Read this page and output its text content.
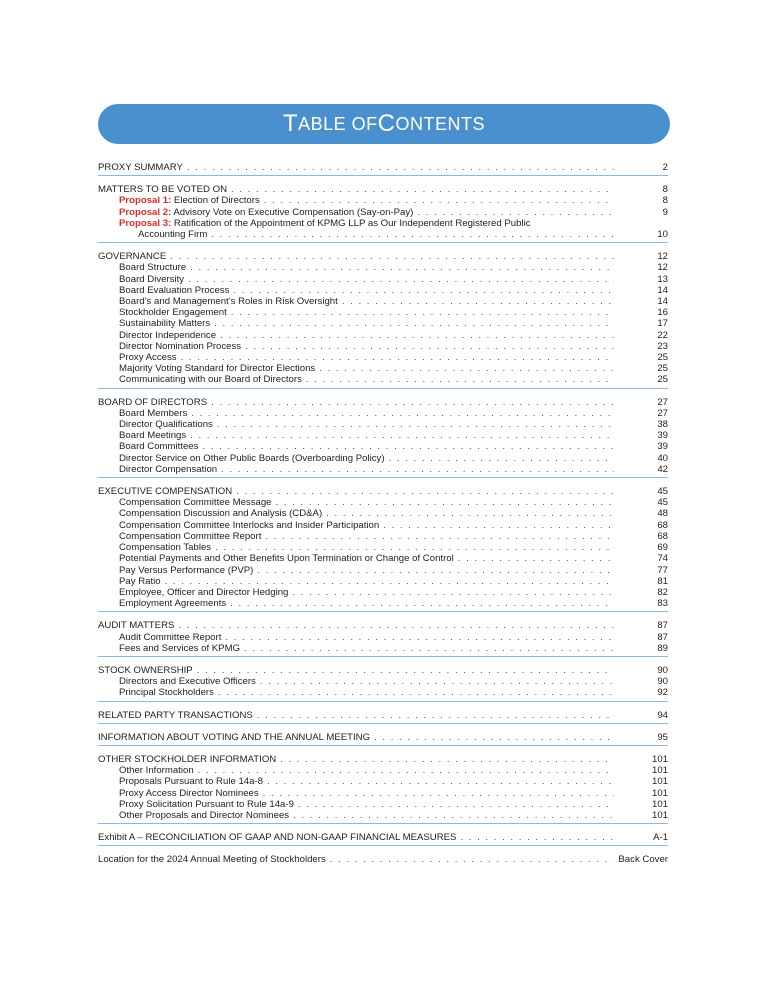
T ABLE OF C ONTENTS
PROXY SUMMARY . . .	2
MATTERS TO BE VOTED ON . . .	8
Proposal 1: Election of Directors . . .	8
Proposal 2: Advisory Vote on Executive Compensation (Say-on-Pay) . . .	9
Proposal 3: Ratification of the Appointment of KPMG LLP as Our Independent Registered Public
Accounting Firm . . .	10
GOVERNANCE . . .	12
Board Structure . . .	12
Board Diversity . . .	13
Board Evaluation Process . . .	14
Board’s and Management’s Roles in Risk Oversight . . .	14
Stockholder Engagement . . .	16
Sustainability Matters . . .	17
Director Independence . . .	22
Director Nomination Process . . .	23
Proxy Access . . .	25
Majority Voting Standard for Director Elections . . .	25
Communicating with our Board of Directors . . .	25
BOARD OF DIRECTORS . . .	27
Board Members . . .	27
Director Qualifications . . .	38
Board Meetings . . .	39
Board Committees . . .	39
Director Service on Other Public Boards (Overboarding Policy) . . .	40
Director Compensation . . .	42
EXECUTIVE COMPENSATION . . .	45
Compensation Committee Message . . .	45
Compensation Discussion and Analysis (CD&A) . . .	48
Compensation Committee Interlocks and Insider Participation . . .	68
Compensation Committee Report . . .	68
Compensation Tables . . .	69
Potential Payments and Other Benefits Upon Termination or Change of Control . . .	74
Pay Versus Performance (PVP) . . .	77
Pay Ratio . . .	81
Employee, Officer and Director Hedging . . .	82
Employment Agreements . . .	83
AUDIT MATTERS . . .	87
Audit Committee Report . . .	87
Fees and Services of KPMG . . .	89
STOCK OWNERSHIP . . .	90
Directors and Executive Officers . . .	90
Principal Stockholders . . .	92
RELATED PARTY TRANSACTIONS . . .	94
INFORMATION ABOUT VOTING AND THE ANNUAL MEETING . . .	95
OTHER STOCKHOLDER INFORMATION . . .	101
Other Information . . .	101
Proposals Pursuant to Rule 14a-8 . . .	101
Proxy Access Director Nominees . . .	101
Proxy Solicitation Pursuant to Rule 14a-9 . . .	101
Other Proposals and Director Nominees . . .	101
Exhibit A – RECONCILIATION OF GAAP AND NON-GAAP FINANCIAL MEASURES . . .	A-1
Location for the 2024 Annual Meeting of Stockholders . . .	Back Cover
